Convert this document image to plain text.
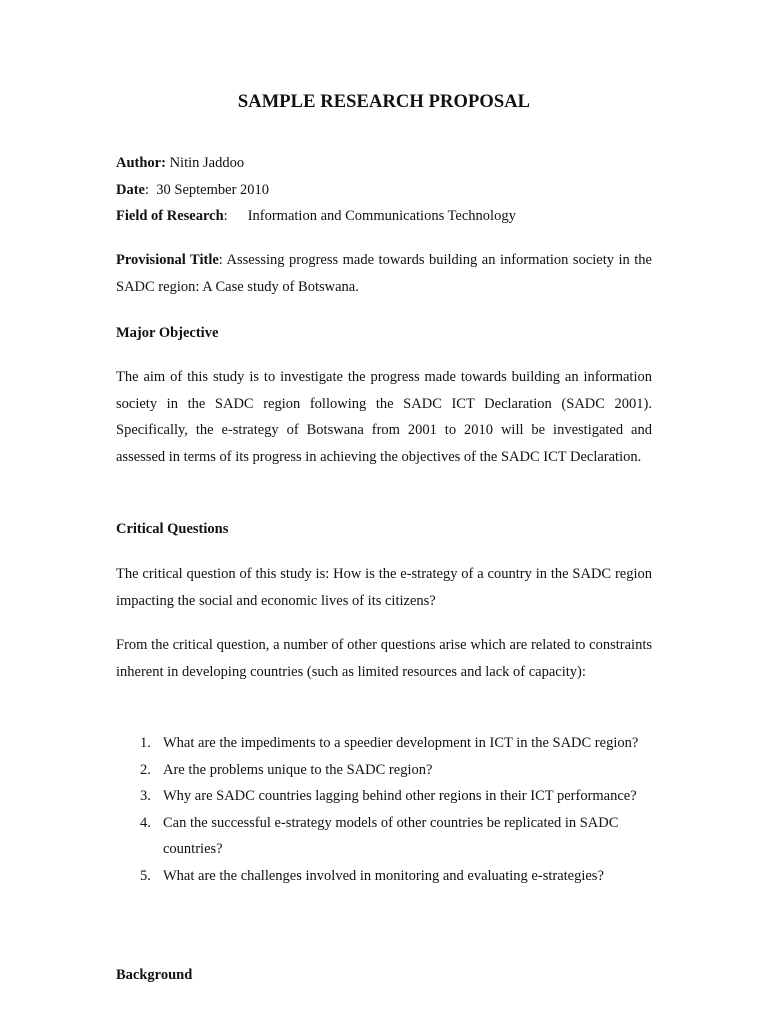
SAMPLE RESEARCH PROPOSAL
Author: Nitin Jaddoo
Date: 30 September 2010
Field of Research: Information and Communications Technology
Provisional Title: Assessing progress made towards building an information society in the SADC region: A Case study of Botswana.
Major Objective
The aim of this study is to investigate the progress made towards building an information society in the SADC region following the SADC ICT Declaration (SADC 2001). Specifically, the e-strategy of Botswana from 2001 to 2010 will be investigated and assessed in terms of its progress in achieving the objectives of the SADC ICT Declaration.
Critical Questions
The critical question of this study is: How is the e-strategy of a country in the SADC region impacting the social and economic lives of its citizens?
From the critical question, a number of other questions arise which are related to constraints inherent in developing countries (such as limited resources and lack of capacity):
1. What are the impediments to a speedier development in ICT in the SADC region?
2. Are the problems unique to the SADC region?
3. Why are SADC countries lagging behind other regions in their ICT performance?
4. Can the successful e-strategy models of other countries be replicated in SADC countries?
5. What are the challenges involved in monitoring and evaluating e-strategies?
Background
